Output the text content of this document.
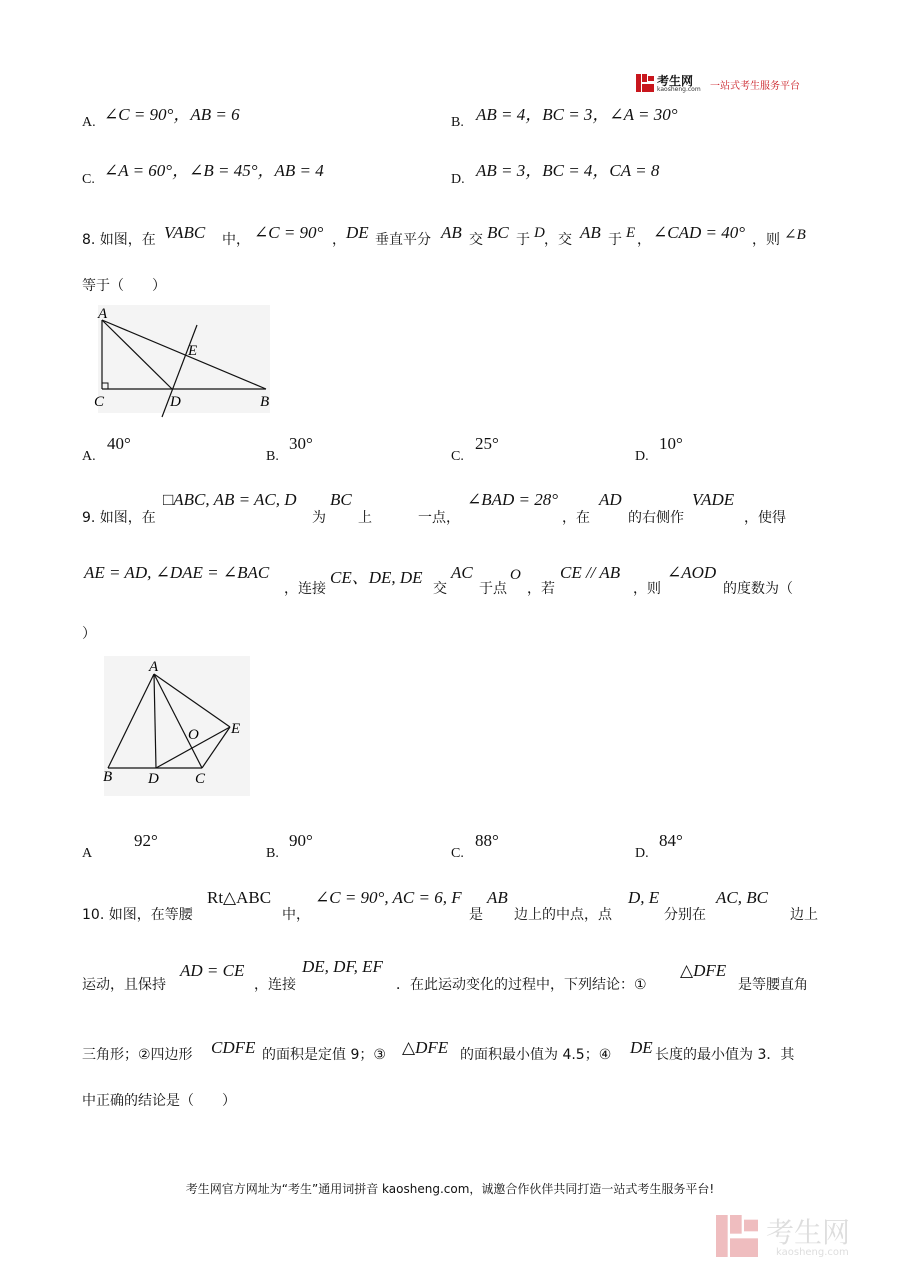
考生网
kaosheng.com 一站式考生服务平台
A. ∠C = 90°，AB = 6	B. AB = 4，BC = 3，∠A = 30°
C. ∠A = 60°，∠B = 45°，AB = 4	D. AB = 3，BC = 4，CA = 8
8. 如图，在 VABC 中， ∠C = 90° ， DE 垂直平分 AB 交 BC 于 D ，交 AB 于 E ， ∠CAD = 40° ，则 ∠B
等于（　　）
A
E
C	D	B
A.
40°
B.
30°
C.
25°
D.
10°
9. 如图，在
□ABC, AB = AC, D
为
BC
上	一点，
∠BAD = 28°
，在
AD
的右侧作
VADE
，使得
AE = AD, ∠DAE = ∠BAC
，连接
CE、DE, DE
交
AC
于点
O
，若
CE // AB
，则
∠AOD
的度数为（
）
A
O E
B D C
A
92°
B.
90°
C.
88°
D.
84°
10. 如图，在等腰
Rt△ABC
中，
∠C = 90°, AC = 6, F
是
AB
边上的中点，点
D, E
分别在
AC, BC
边上
运动，且保持
AD = CE
，连接
DE, DF, EF
．在此运动变化的过程中，下列结论：①
△DFE
是等腰直角
三角形；②四边形 CDFE 的面积是定值 9；③ △DFE 的面积最小值为 4.5；④ DE 长度的最小值为 3．其
中正确的结论是（　　）
考生网官方网址为“考生”通用词拼音 kaosheng.com，诚邀合作伙伴共同打造一站式考生服务平台!
考生网
kaosheng.com
